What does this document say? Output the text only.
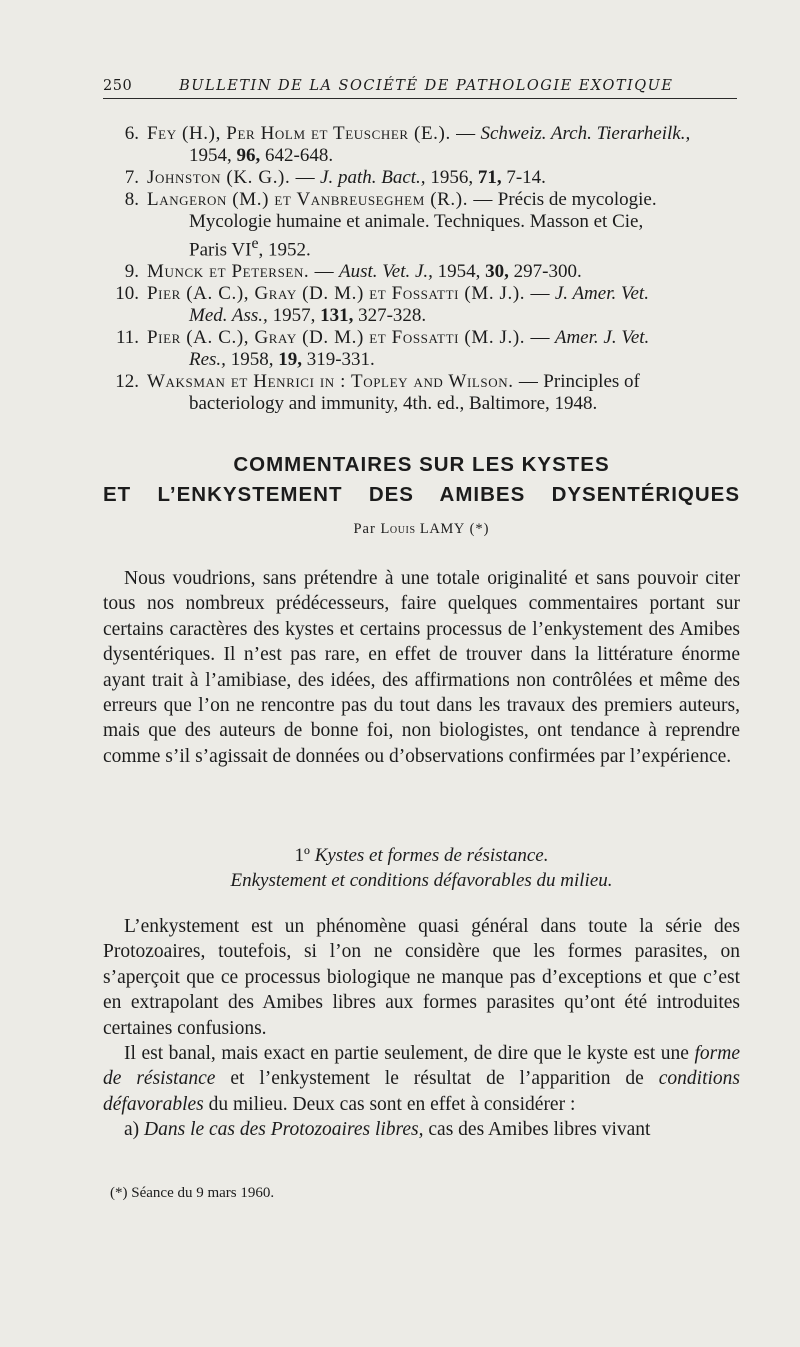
250	BULLETIN DE LA SOCIÉTÉ DE PATHOLOGIE EXOTIQUE
6. Fey (H.), Per Holm et Teuscher (E.). — Schweiz. Arch. Tierarheilk.,
1954, 96, 642-648.
7. Johnston (K. G.). — J. path. Bact., 1956, 71, 7-14.
8. Langeron (M.) et Vanbreuseghem (R.). — Précis de mycologie.
Mycologie humaine et animale. Techniques. Masson et Cie,
Paris VIe, 1952.
9. Munck et Petersen. — Aust. Vet. J., 1954, 30, 297-300.
10. Pier (A. C.), Gray (D. M.) et Fossatti (M. J.). — J. Amer. Vet.
Med. Ass., 1957, 131, 327-328.
11. Pier (A. C.), Gray (D. M.) et Fossatti (M. J.). — Amer. J. Vet.
Res., 1958, 19, 319-331.
12. Waksman et Henrici in : Topley and Wilson. — Principles of
bacteriology and immunity, 4th. ed., Baltimore, 1948.
COMMENTAIRES SUR LES KYSTES
ET L’ENKYSTEMENT DES AMIBES DYSENTÉRIQUES
Par Louis LAMY (*)

Nous voudrions, sans prétendre à une totale originalité et sans pouvoir citer tous nos nombreux prédécesseurs, faire quelques commentaires portant sur certains caractères des kystes et certains processus de l’enkystement des Amibes dysentériques. Il n’est pas rare, en effet de trouver dans la littérature énorme ayant trait à l’amibiase, des idées, des affirmations non contrôlées et même des erreurs que l’on ne rencontre pas du tout dans les travaux des premiers auteurs, mais que des auteurs de bonne foi, non biologistes, ont tendance à reprendre comme s’il s’agissait de données ou d’observations confirmées par l’expérience.

1º Kystes et formes de résistance.
Enkystement et conditions défavorables du milieu.

L’enkystement est un phénomène quasi général dans toute la série des Protozoaires, toutefois, si l’on ne considère que les formes parasites, on s’aperçoit que ce processus biologique ne manque pas d’exceptions et que c’est en extrapolant des Amibes libres aux formes parasites qu’ont été introduites certaines confusions.

Il est banal, mais exact en partie seulement, de dire que le kyste est une forme de résistance et l’enkystement le résultat de l’apparition de conditions défavorables du milieu. Deux cas sont en effet à considérer :

a) Dans le cas des Protozoaires libres, cas des Amibes libres vivant

(*) Séance du 9 mars 1960.
